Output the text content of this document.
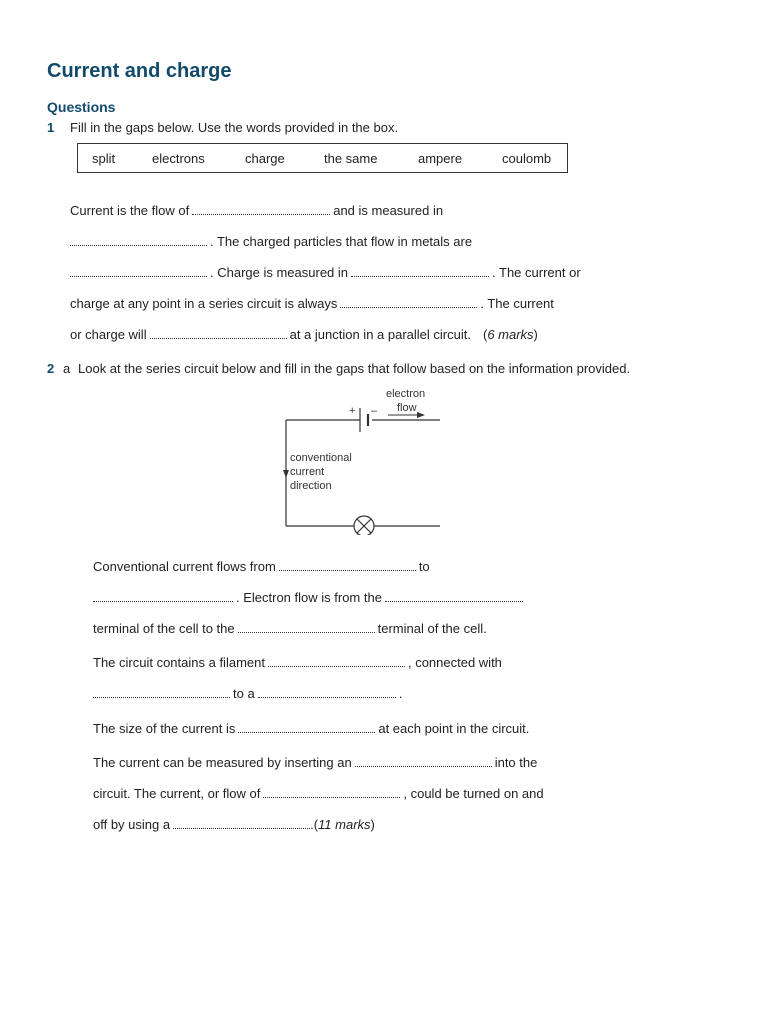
Current and charge
Questions
1 Fill in the gaps below. Use the words provided in the box.
split	electrons	charge	the same	ampere	coulomb
Current is the flow of	and is measured in
. The charged particles that flow in metals are
. Charge is measured in	. The current or
charge at any point in a series circuit is always	. The current
or charge will	at a junction in a parallel circuit. ( 6 marks )
2 a Look at the series circuit below and fill in the gaps that follow based on the information provided.
+ –
electron
flow
conventional
current
direction
Conventional current flows from	to
. Electron flow is from the
terminal of the cell to the	terminal of the cell.
The circuit contains a filament	, connected with
to a	.
The size of the current is	at each point in the circuit.
The current can be measured by inserting an	into the
circuit. The current, or flow of	, could be turned on and
off by using a	.( 11 marks )
